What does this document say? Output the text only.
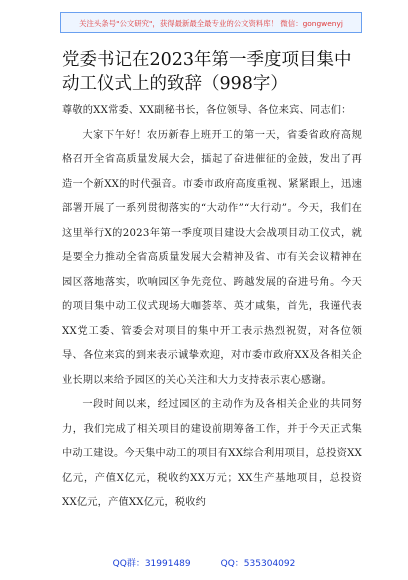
关注头条号"公文研究"，获得最新最全最专业的公文资料库！ 微信：gongwenyj
党委书记在2023年第一季度项目集中动工仪式上的致辞（998字）

尊敬的XX常委、XX副秘书长，各位领导、各位来宾、同志们：

大家下午好！农历新春上班开工的第一天，省委省政府高规格召开全省高质量发展大会，擂起了奋进催征的金鼓，发出了再造一个新XX的时代强音。市委市政府高度重视、紧紧跟上，迅速部署开展了一系列贯彻落实的“大动作”“大行动”。今天，我们在这里举行X的2023年第一季度项目建设大会战项目动工仪式，就是要全力推动全省高质量发展大会精神及省、市有关会议精神在园区落地落实，吹响园区争先竞位、跨越发展的奋进号角。今天的项目集中动工仪式现场大咖荟萃、英才咸集，首先，我谨代表XX党工委、管委会对项目的集中开工表示热烈祝贺，对各位领导、各位来宾的到来表示诚挚欢迎，对市委市政府XX及各相关企业长期以来给予园区的关心关注和大力支持表示衷心感谢。

一段时间以来，经过园区的主动作为及各相关企业的共同努力，我们完成了相关项目的建设前期筹备工作，并于今天正式集中动工建设。今天集中动工的项目有XX综合利用项目，总投资XX亿元，产值X亿元，税收约XX万元；XX生产基地项目，总投资XX亿元，产值XX亿元，税收约

QQ群：31991489	QQ：535304092
